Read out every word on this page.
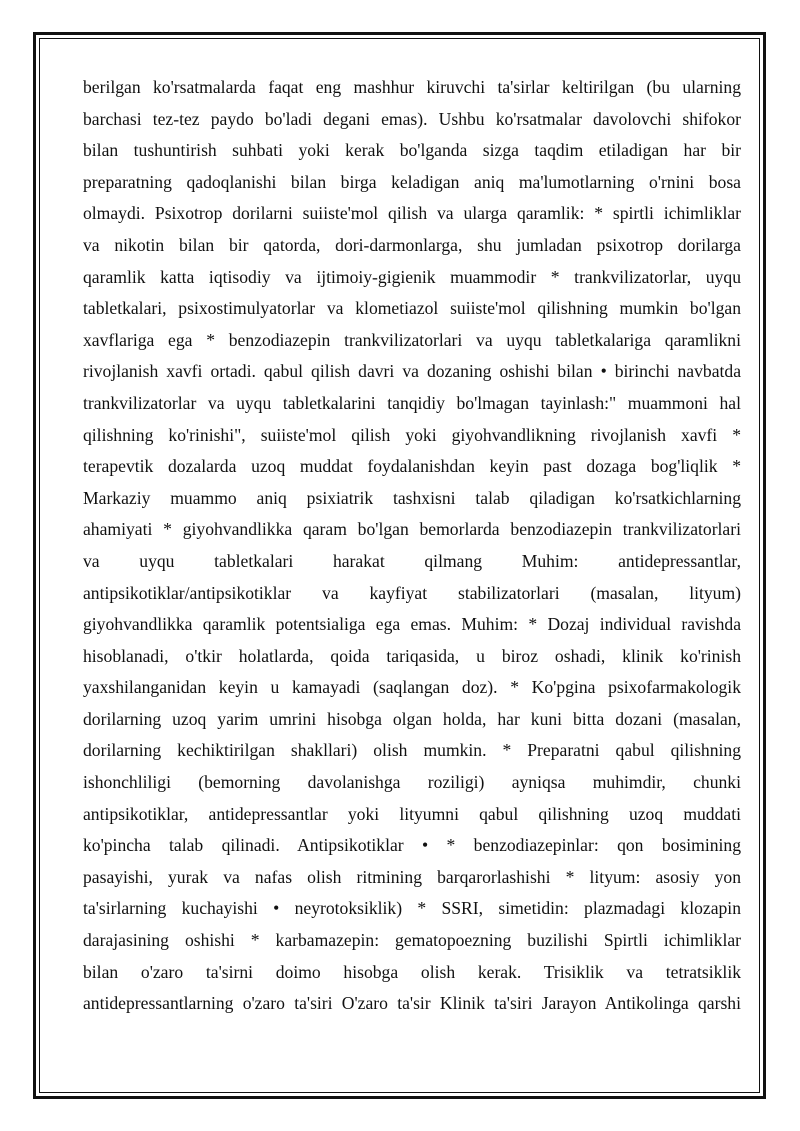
berilgan ko'rsatmalarda faqat eng mashhur kiruvchi ta'sirlar keltirilgan (bu ularning
barchasi tez-tez paydo bo'ladi degani emas). Ushbu ko'rsatmalar davolovchi shifokor
bilan tushuntirish suhbati yoki kerak bo'lganda sizga taqdim etiladigan har bir
preparatning qadoqlanishi bilan birga keladigan aniq ma'lumotlarning o'rnini bosa
olmaydi. Psixotrop dorilarni suiiste'mol qilish va ularga qaramlik: * spirtli ichimliklar
va nikotin bilan bir qatorda, dori-darmonlarga, shu jumladan psixotrop dorilarga
qaramlik katta iqtisodiy va ijtimoiy-gigienik muammodir * trankvilizatorlar, uyqu
tabletkalari, psixostimulyatorlar va klometiazol suiiste'mol qilishning mumkin bo'lgan
xavflariga ega * benzodiazepin trankvilizatorlari va uyqu tabletkalariga qaramlikni
rivojlanish xavfi ortadi. qabul qilish davri va dozaning oshishi bilan • birinchi navbatda
trankvilizatorlar va uyqu tabletkalarini tanqidiy bo'lmagan tayinlash:" muammoni hal
qilishning ko'rinishi", suiiste'mol qilish yoki giyohvandlikning rivojlanish xavfi *
terapevtik dozalarda uzoq muddat foydalanishdan keyin past dozaga bog'liqlik *
Markaziy muammo aniq psixiatrik tashxisni talab qiladigan ko'rsatkichlarning
ahamiyati * giyohvandlikka qaram bo'lgan bemorlarda benzodiazepin trankvilizatorlari
va uyqu tabletkalari harakat qilmang Muhim: antidepressantlar,
antipsikotiklar/antipsikotiklar va kayfiyat stabilizatorlari (masalan, lityum)
giyohvandlikka qaramlik potentsialiga ega emas. Muhim: * Dozaj individual ravishda
hisoblanadi, o'tkir holatlarda, qoida tariqasida, u biroz oshadi, klinik ko'rinish
yaxshilanganidan keyin u kamayadi (saqlangan doz). * Ko'pgina psixofarmakologik
dorilarning uzoq yarim umrini hisobga olgan holda, har kuni bitta dozani (masalan,
dorilarning kechiktirilgan shakllari) olish mumkin. * Preparatni qabul qilishning
ishonchliligi (bemorning davolanishga roziligi) ayniqsa muhimdir, chunki
antipsikotiklar, antidepressantlar yoki lityumni qabul qilishning uzoq muddati
ko'pincha talab qilinadi. Antipsikotiklar • * benzodiazepinlar: qon bosimining
pasayishi, yurak va nafas olish ritmining barqarorlashishi * lityum: asosiy yon
ta'sirlarning kuchayishi • neyrotoksiklik) * SSRI, simetidin: plazmadagi klozapin
darajasining oshishi * karbamazepin: gematopoezning buzilishi Spirtli ichimliklar
bilan o'zaro ta'sirni doimo hisobga olish kerak. Trisiklik va tetratsiklik
antidepressantlarning o'zaro ta'siri O'zaro ta'sir Klinik ta'siri Jarayon Antikolinga qarshi
